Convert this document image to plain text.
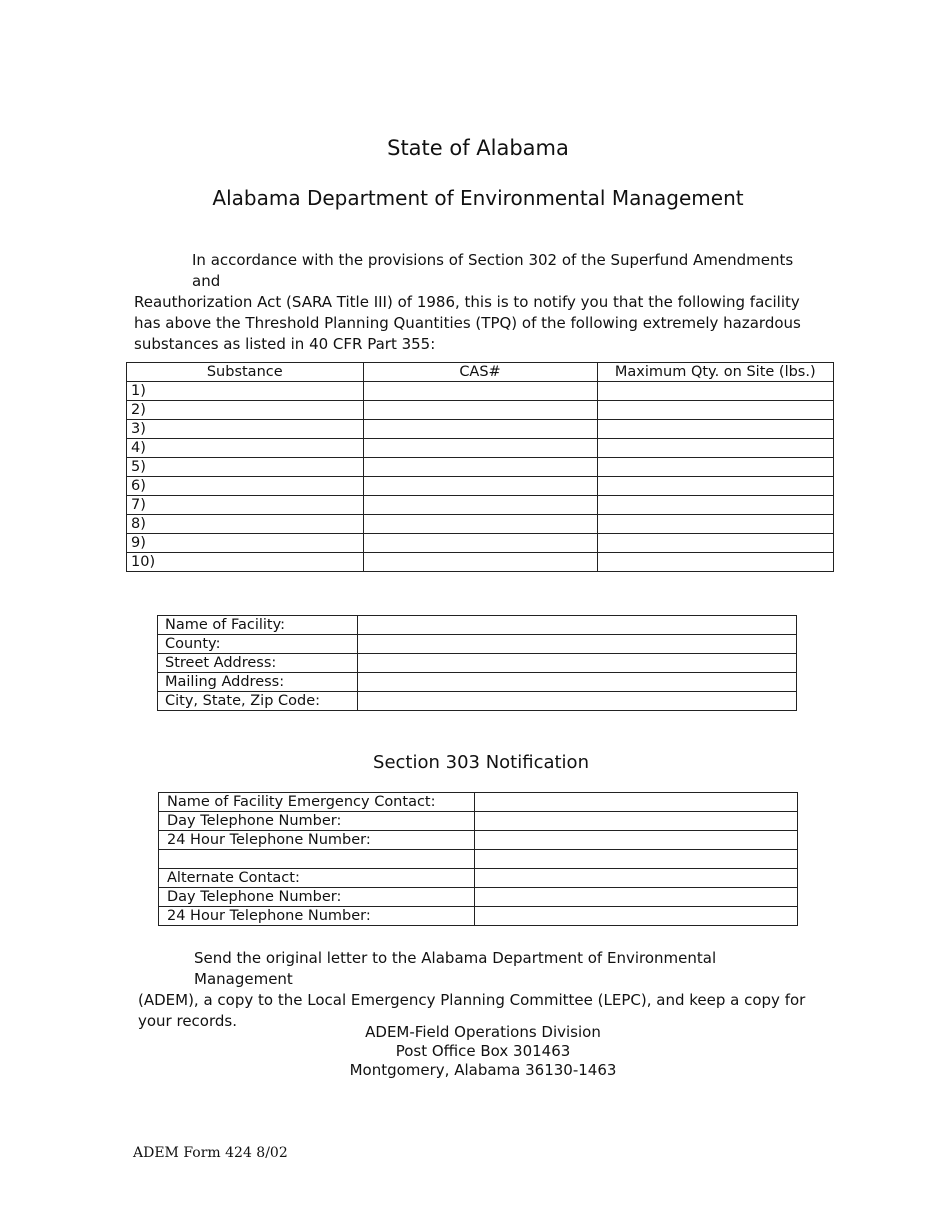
State of Alabama
Alabama Department of Environmental Management
In accordance with the provisions of Section 302 of the Superfund Amendments and
Reauthorization Act (SARA Title III) of 1986, this is to notify you that the following facility has above the Threshold Planning Quantities (TPQ) of the following extremely hazardous substances as listed in 40 CFR Part 355:
Substance	CAS#	Maximum Qty. on Site (lbs.)
1)		
2)		
3)		
4)		
5)		
6)		
7)		
8)		
9)		
10)		
Name of Facility:	
County:	
Street Address:	
Mailing Address:	
City, State, Zip Code:	
Section 303 Notification
Name of Facility Emergency Contact:	
Day Telephone Number:	
24 Hour Telephone Number:	

Alternate Contact:	
Day Telephone Number:	
24 Hour Telephone Number:	
Send the original letter to the Alabama Department of Environmental Management
(ADEM), a copy to the Local Emergency Planning Committee (LEPC), and keep a copy for your records.
ADEM-Field Operations Division
Post Office Box 301463
Montgomery, Alabama 36130-1463
ADEM Form 424 8/02
